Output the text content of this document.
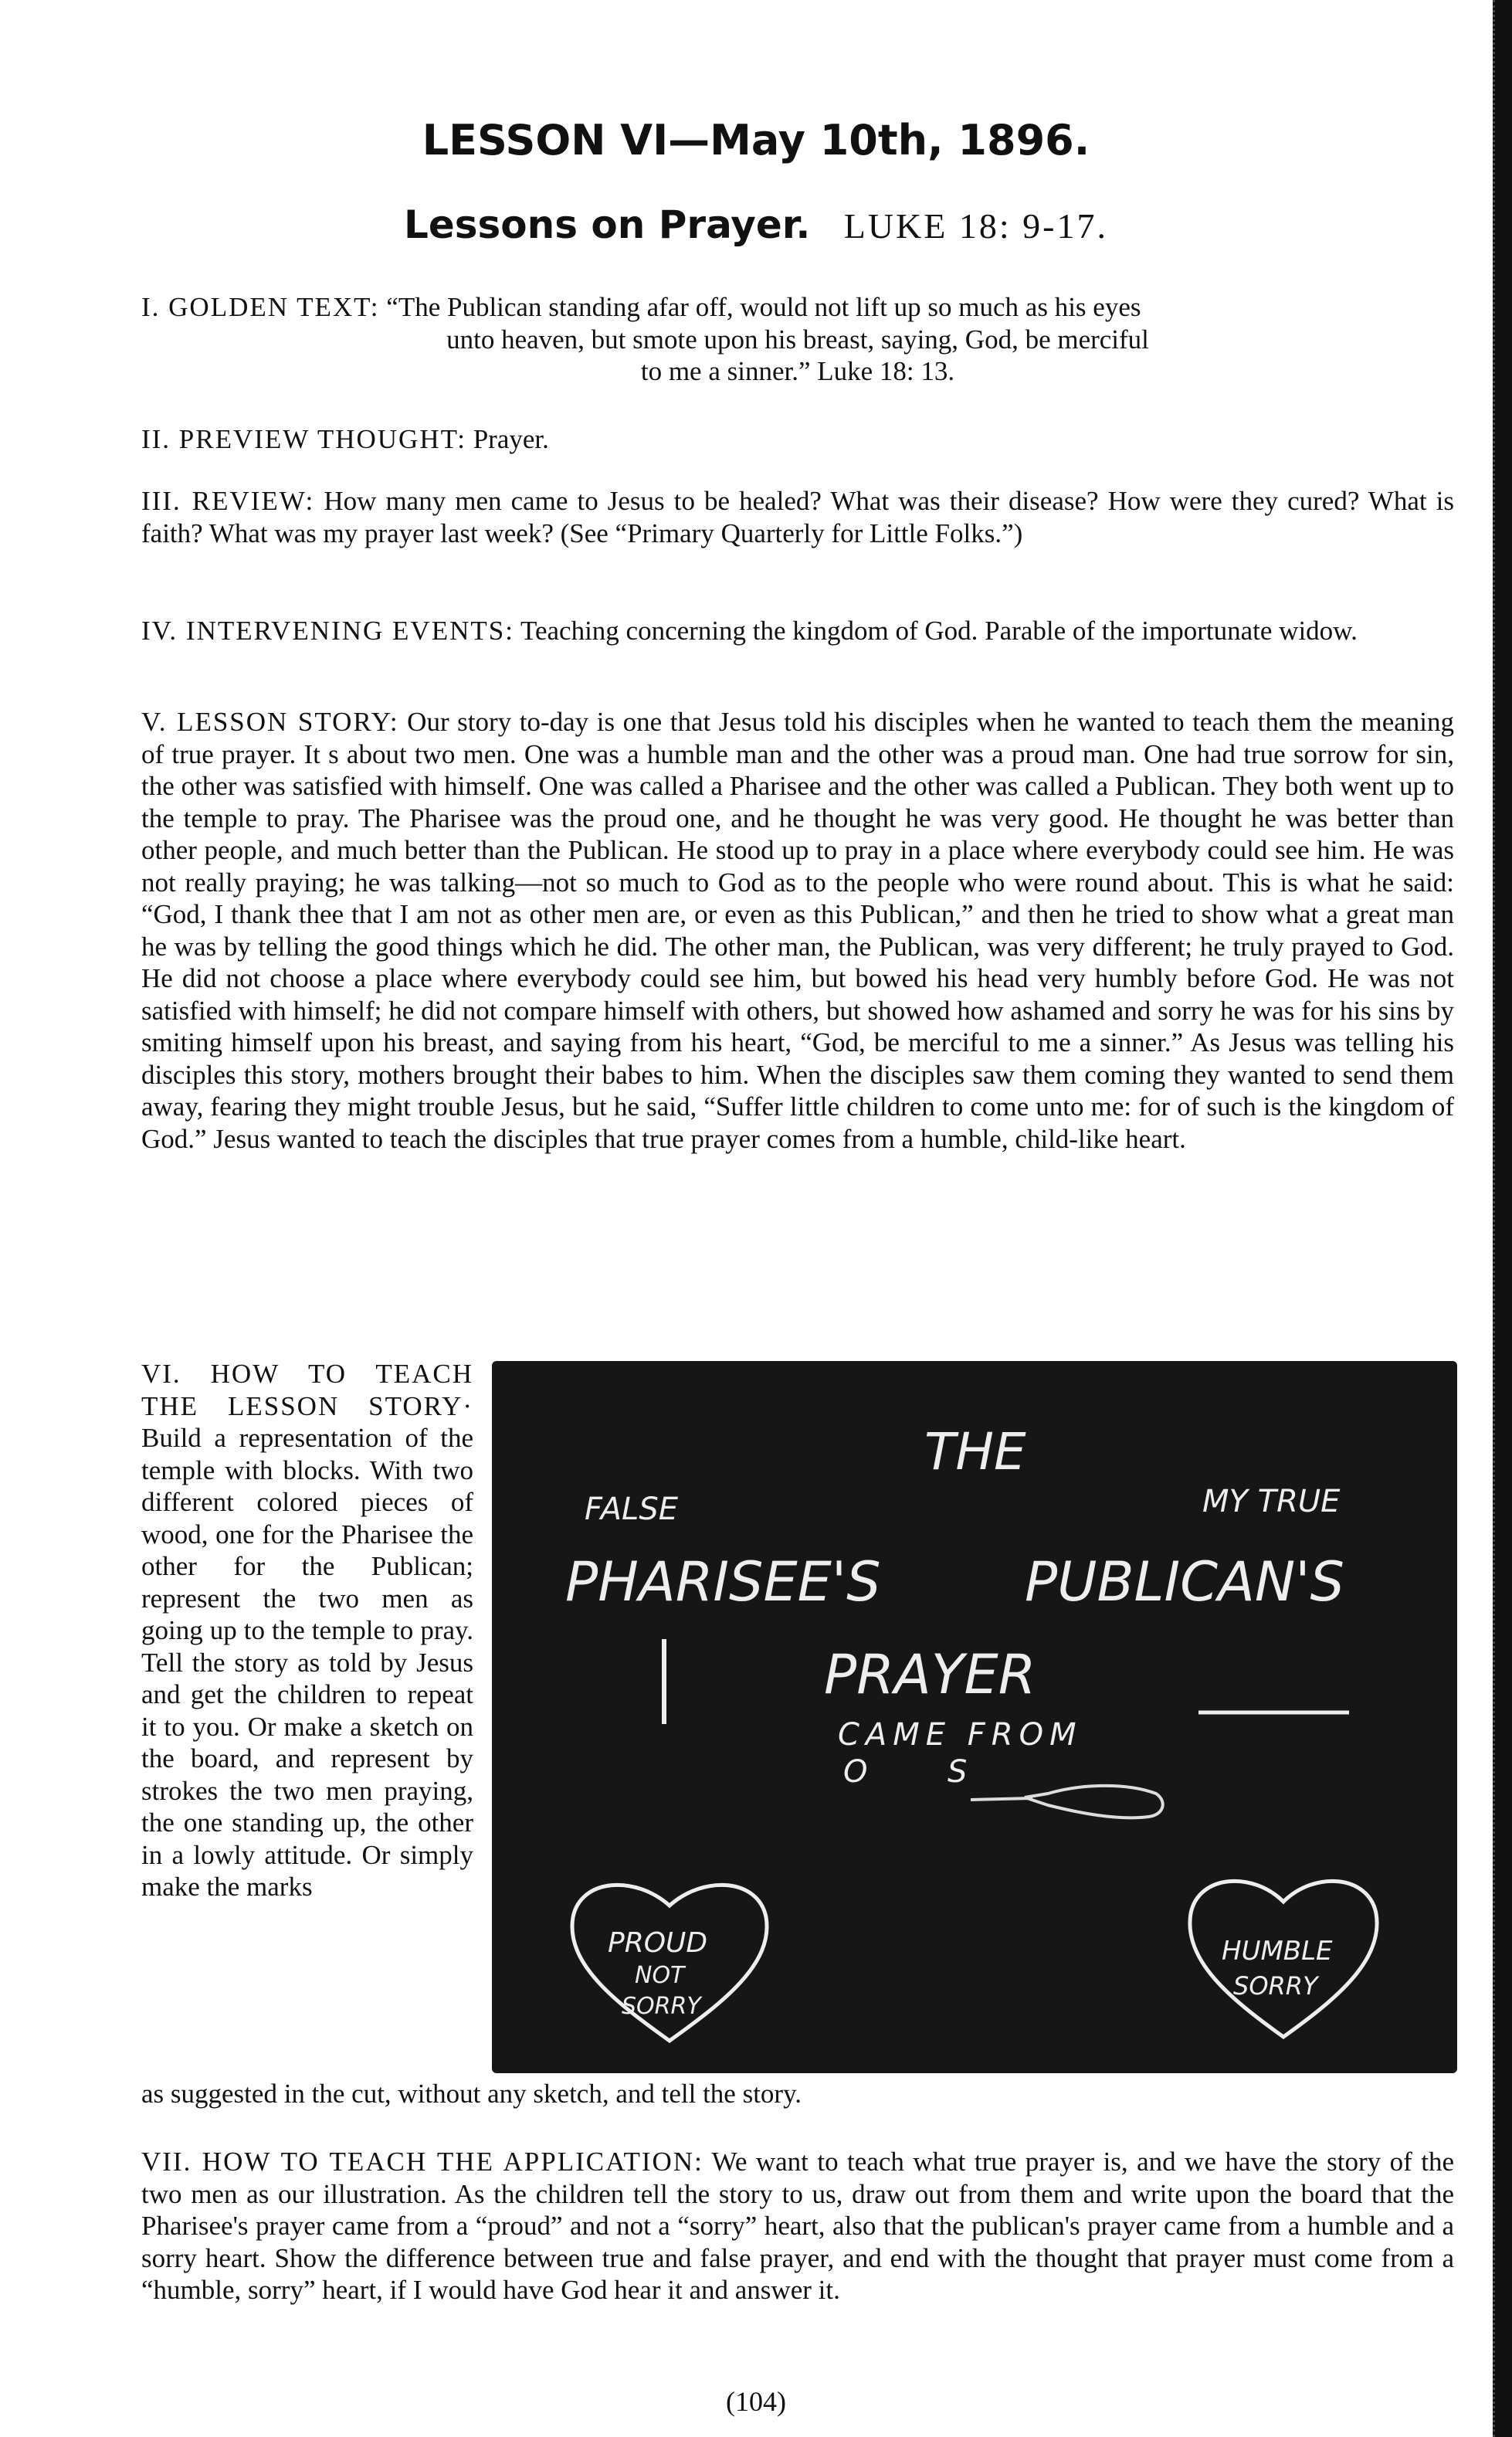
LESSON VI—May 10th, 1896.
Lessons on Prayer. LUKE 18: 9-17.
I. GOLDEN TEXT: “The Publican standing afar off, would not lift up so much as his eyes
unto heaven, but smote upon his breast, saying, God, be merciful
to me a sinner.” Luke 18: 13.
II. PREVIEW THOUGHT: Prayer.
III. REVIEW: How many men came to Jesus to be healed? What was their disease? How were they cured? What is faith? What was my prayer last week? (See “Primary Quarterly for Little Folks.”)
IV. INTERVENING EVENTS: Teaching concerning the kingdom of God. Parable of the importunate widow.
V. LESSON STORY: Our story to-day is one that Jesus told his disciples when he wanted to teach them the meaning of true prayer. It s about two men. One was a humble man and the other was a proud man. One had true sorrow for sin, the other was satisfied with himself. One was called a Pharisee and the other was called a Publican. They both went up to the temple to pray. The Pharisee was the proud one, and he thought he was very good. He thought he was better than other people, and much better than the Publican. He stood up to pray in a place where everybody could see him. He was not really praying; he was talking—not so much to God as to the people who were round about. This is what he said: “God, I thank thee that I am not as other men are, or even as this Publican,” and then he tried to show what a great man he was by telling the good things which he did. The other man, the Publican, was very different; he truly prayed to God. He did not choose a place where everybody could see him, but bowed his head very humbly before God. He was not satisfied with himself; he did not compare himself with others, but showed how ashamed and sorry he was for his sins by smiting himself upon his breast, and saying from his heart, “God, be merciful to me a sinner.” As Jesus was telling his disciples this story, mothers brought their babes to him. When the disciples saw them coming they wanted to send them away, fearing they might trouble Jesus, but he said, “Suffer little children to come unto me: for of such is the kingdom of God.” Jesus wanted to teach the disciples that true prayer comes from a humble, child-like heart.
VI. HOW TO TEACH THE LESSON STORY· Build a representation of the temple with blocks. With two different colored pieces of wood, one for the Pharisee the other for the Publican; represent the two men as going up to the temple to pray. Tell the story as told by Jesus and get the children to repeat it to you. Or make a sketch on the board, and represent by strokes the two men praying, the one standing up, the other in a lowly attitude. Or simply make the marks
as suggested in the cut, without any sketch, and tell the story.
THE
FALSE	MY TRUE
PHARISEE'S	PUBLICAN'S
PRAYER
CAME FROM
O	S
PROUD
NOT
SORRY
HUMBLE
SORRY
VII. HOW TO TEACH THE APPLICATION: We want to teach what true prayer is, and we have the story of the two men as our illustration. As the children tell the story to us, draw out from them and write upon the board that the Pharisee's prayer came from a “proud” and not a “sorry” heart, also that the publican's prayer came from a humble and a sorry heart. Show the difference between true and false prayer, and end with the thought that prayer must come from a “humble, sorry” heart, if I would have God hear it and answer it.
(104)
